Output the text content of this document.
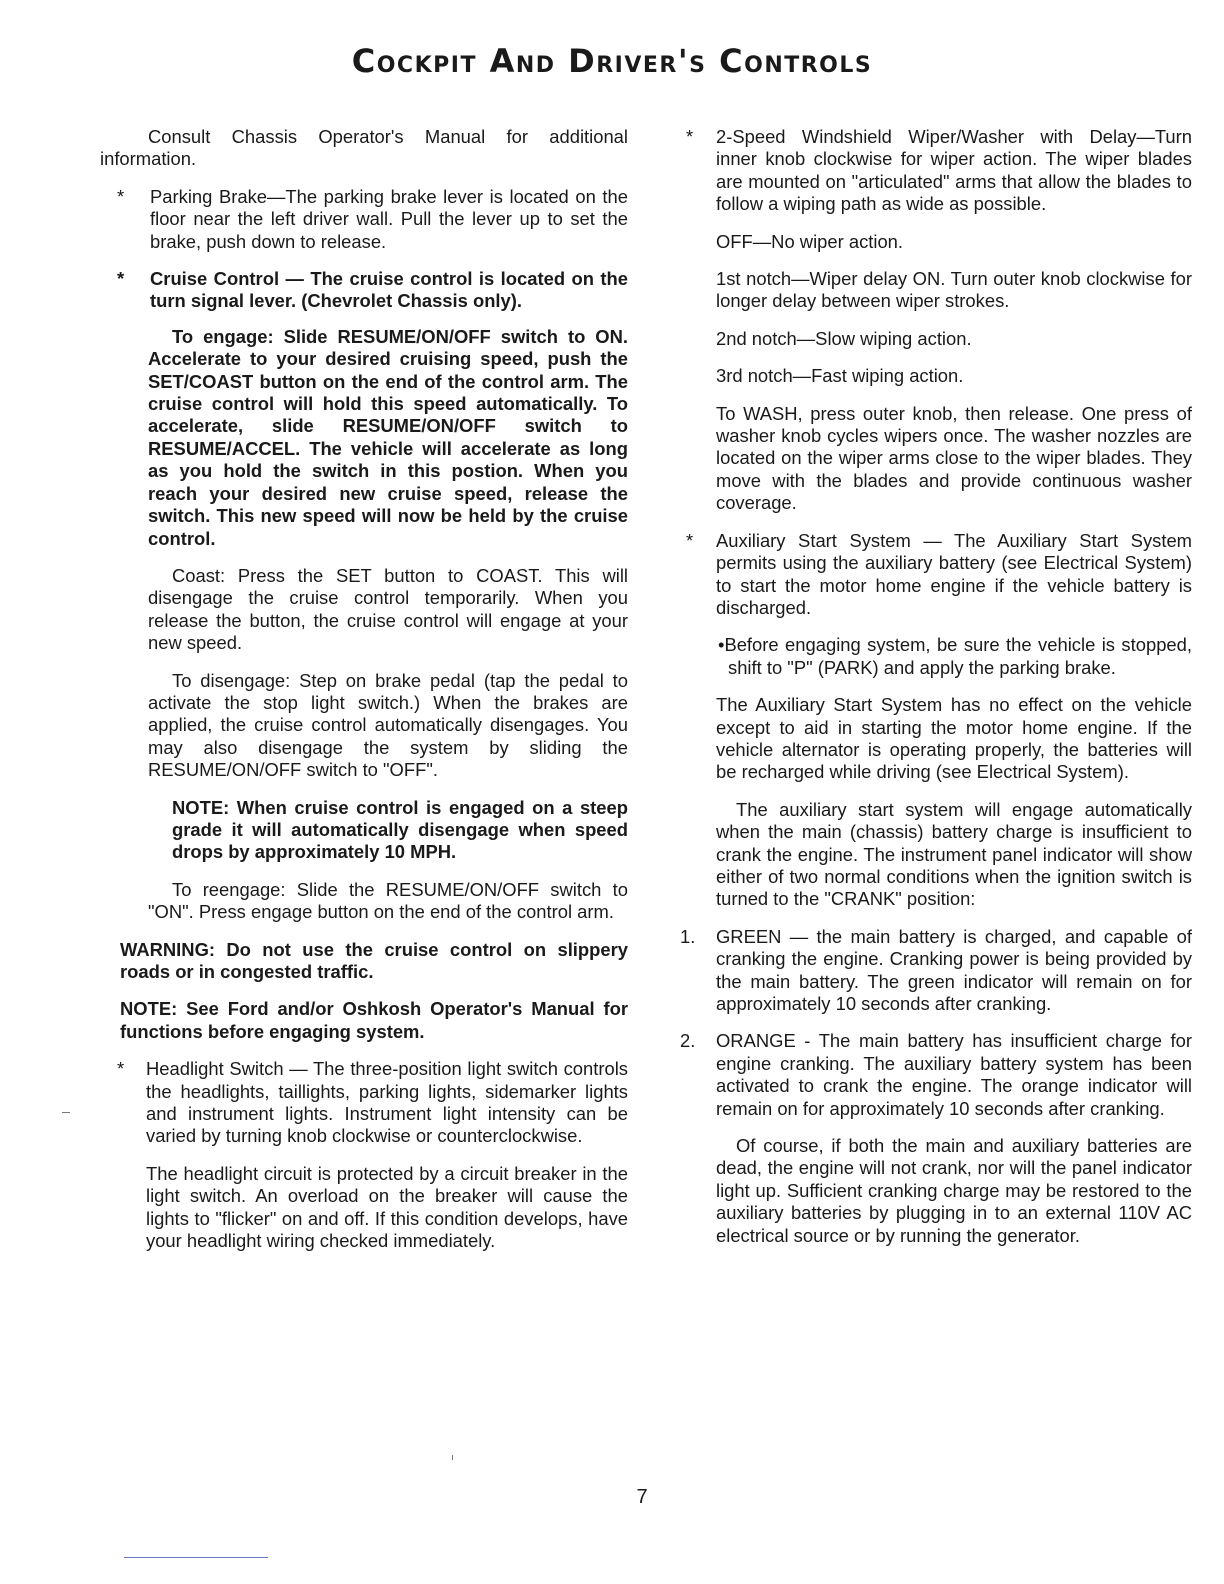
Cockpit And Driver's Controls

Consult Chassis Operator's Manual for additional information.

* Parking Brake—The parking brake lever is located on the floor near the left driver wall. Pull the lever up to set the brake, push down to release.

* Cruise Control — The cruise control is located on the turn signal lever. (Chevrolet Chassis only).

To engage: Slide RESUME/ON/OFF switch to ON. Accelerate to your desired cruising speed, push the SET/COAST button on the end of the control arm. The cruise control will hold this speed automatically. To accelerate, slide RESUME/ON/OFF switch to RESUME/ACCEL. The vehicle will accelerate as long as you hold the switch in this postion. When you reach your desired new cruise speed, release the switch. This new speed will now be held by the cruise control.

Coast: Press the SET button to COAST. This will disengage the cruise control temporarily. When you release the button, the cruise control will engage at your new speed.

To disengage: Step on brake pedal (tap the pedal to activate the stop light switch.) When the brakes are applied, the cruise control automatically disengages. You may also disengage the system by sliding the RESUME/ON/OFF switch to "OFF".

NOTE: When cruise control is engaged on a steep grade it will automatically disengage when speed drops by approximately 10 MPH.

To reengage: Slide the RESUME/ON/OFF switch to "ON". Press engage button on the end of the control arm.

WARNING: Do not use the cruise control on slippery roads or in congested traffic.

NOTE: See Ford and/or Oshkosh Operator's Manual for functions before engaging system.

* Headlight Switch — The three-position light switch controls the headlights, taillights, parking lights, sidemarker lights and instrument lights. Instrument light intensity can be varied by turning knob clockwise or counterclockwise.

The headlight circuit is protected by a circuit breaker in the light switch. An overload on the breaker will cause the lights to "flicker" on and off. If this condition develops, have your headlight wiring checked immediately.

* 2-Speed Windshield Wiper/Washer with Delay—Turn inner knob clockwise for wiper action. The wiper blades are mounted on "articulated" arms that allow the blades to follow a wiping path as wide as possible.

OFF—No wiper action.

1st notch—Wiper delay ON. Turn outer knob clockwise for longer delay between wiper strokes.

2nd notch—Slow wiping action.

3rd notch—Fast wiping action.

To WASH, press outer knob, then release. One press of washer knob cycles wipers once. The washer nozzles are located on the wiper arms close to the wiper blades. They move with the blades and provide continuous washer coverage.

* Auxiliary Start System — The Auxiliary Start System permits using the auxiliary battery (see Electrical System) to start the motor home engine if the vehicle battery is discharged.

•Before engaging system, be sure the vehicle is stopped, shift to "P" (PARK) and apply the parking brake.

The Auxiliary Start System has no effect on the vehicle except to aid in starting the motor home engine. If the vehicle alternator is operating properly, the batteries will be recharged while driving (see Electrical System).

The auxiliary start system will engage automatically when the main (chassis) battery charge is insufficient to crank the engine. The instrument panel indicator will show either of two normal conditions when the ignition switch is turned to the "CRANK" position:

1. GREEN — the main battery is charged, and capable of cranking the engine. Cranking power is being provided by the main battery. The green indicator will remain on for approximately 10 seconds after cranking.

2. ORANGE - The main battery has insufficient charge for engine cranking. The auxiliary battery system has been activated to crank the engine. The orange indicator will remain on for approximately 10 seconds after cranking.

Of course, if both the main and auxiliary batteries are dead, the engine will not crank, nor will the panel indicator light up. Sufficient cranking charge may be restored to the auxiliary batteries by plugging in to an external 110V AC electrical source or by running the generator.

7
